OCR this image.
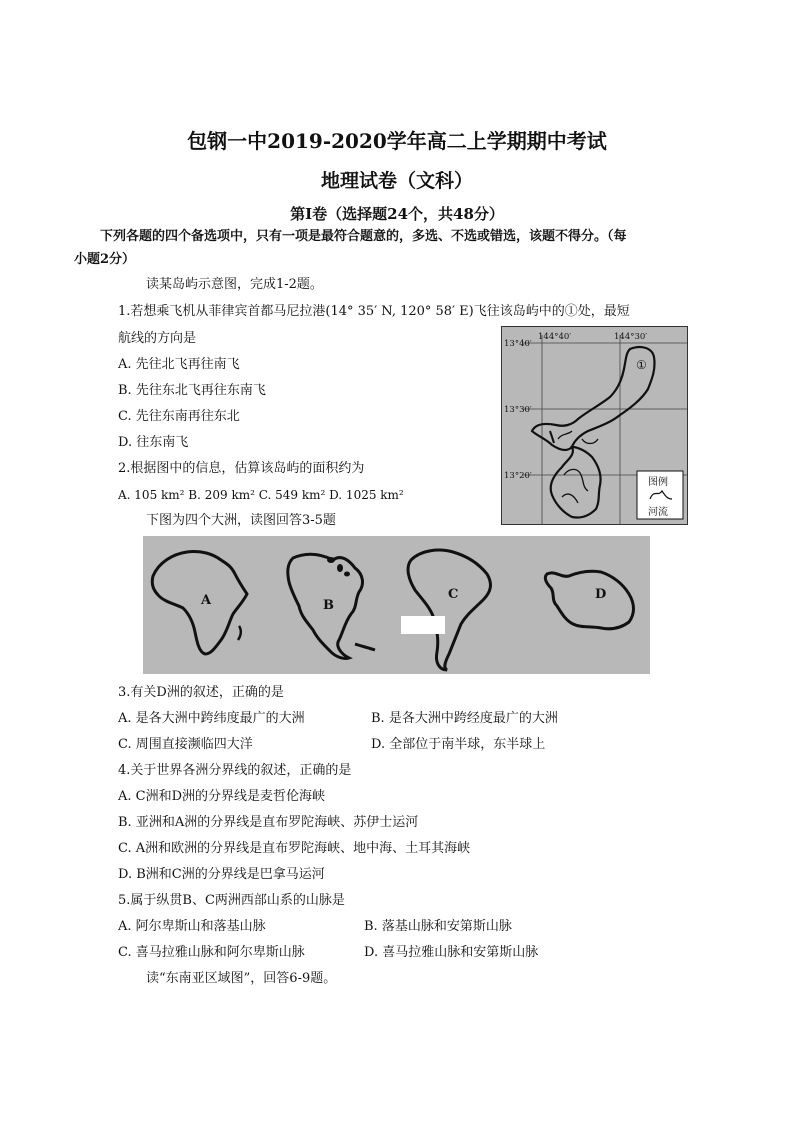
包钢一中2019-2020学年高二上学期期中考试
地理试卷（文科）
第I卷（选择题24个，共48分）
下列各题的四个备选项中，只有一项是最符合题意的，多选、不选或错选，该题不得分。（每
小题2分）
读某岛屿示意图，完成1-2题。
1.若想乘飞机从菲律宾首都马尼拉港(14° 35′ N, 120° 58′ E)飞往该岛屿中的①处，最短
航线的方向是
A. 先往北飞再往南飞
B. 先往东北飞再往东南飞
C. 先往东南再往东北
D. 往东南飞
2.根据图中的信息，估算该岛屿的面积约为
A. 105 km² B. 209 km² C. 549 km² D. 1025 km²
①
144°40′	144°30′
13°40′
13°30′
13°20′
图例
河流
下图为四个大洲，读图回答3-5题
A	B
C	D
3.有关D洲的叙述，正确的是
A. 是各大洲中跨纬度最广的大洲	B. 是各大洲中跨经度最广的大洲
C. 周围直接濒临四大洋	D. 全部位于南半球，东半球上
4.关于世界各洲分界线的叙述，正确的是
A. C洲和D洲的分界线是麦哲伦海峡
B. 亚洲和A洲的分界线是直布罗陀海峡、苏伊士运河
C. A洲和欧洲的分界线是直布罗陀海峡、地中海、土耳其海峡
D. B洲和C洲的分界线是巴拿马运河
5.属于纵贯B、C两洲西部山系的山脉是
A. 阿尔卑斯山和落基山脉	B. 落基山脉和安第斯山脉
C. 喜马拉雅山脉和阿尔卑斯山脉	D. 喜马拉雅山脉和安第斯山脉
读“东南亚区域图”，回答6-9题。
